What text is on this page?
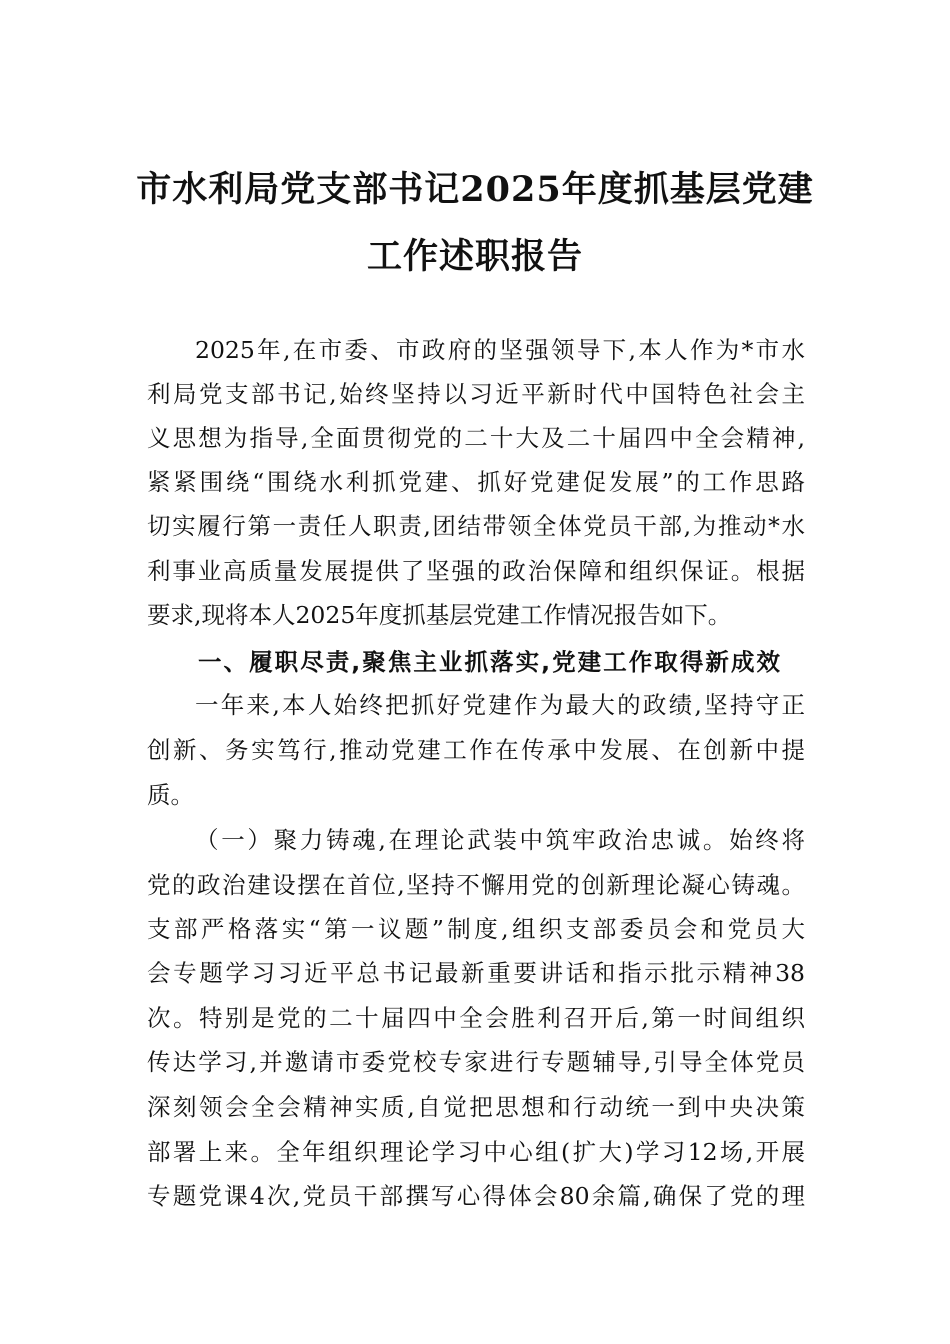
市水利局党支部书记2025年度抓基层党建
工作述职报告
2025年,在市委、市政府的坚强领导下,本人作为*市水
利局党支部书记,始终坚持以习近平新时代中国特色社会主
义思想为指导,全面贯彻党的二十大及二十届四中全会精神,
紧紧围绕“围绕水利抓党建、抓好党建促发展”的工作思路
切实履行第一责任人职责,团结带领全体党员干部,为推动*水
利事业高质量发展提供了坚强的政治保障和组织保证。根据
要求,现将本人2025年度抓基层党建工作情况报告如下。
一、履职尽责,聚焦主业抓落实,党建工作取得新成效
一年来,本人始终把抓好党建作为最大的政绩,坚持守正
创新、务实笃行,推动党建工作在传承中发展、在创新中提
质。
（一）聚力铸魂,在理论武装中筑牢政治忠诚。始终将
党的政治建设摆在首位,坚持不懈用党的创新理论凝心铸魂。
支部严格落实“第一议题”制度,组织支部委员会和党员大
会专题学习习近平总书记最新重要讲话和指示批示精神38
次。特别是党的二十届四中全会胜利召开后,第一时间组织
传达学习,并邀请市委党校专家进行专题辅导,引导全体党员
深刻领会全会精神实质,自觉把思想和行动统一到中央决策
部署上来。全年组织理论学习中心组(扩大)学习12场,开展
专题党课4次,党员干部撰写心得体会80余篇,确保了党的理
